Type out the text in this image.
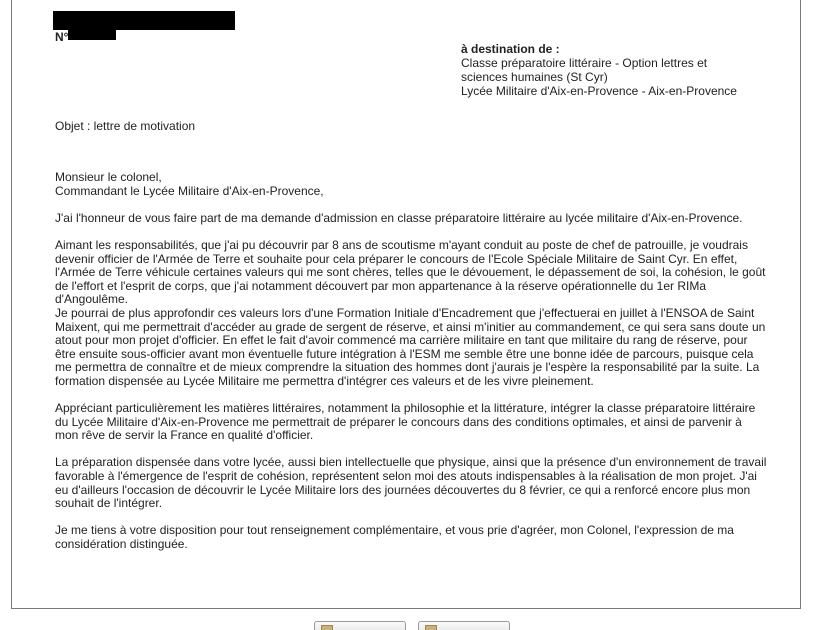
N°
à destination de :
Classe préparatoire littéraire - Option lettres et
sciences humaines (St Cyr)
Lycée Militaire d'Aix-en-Provence - Aix-en-Provence
Objet : lettre de motivation
Monsieur le colonel,
Commandant le Lycée Militaire d'Aix-en-Provence,

J'ai l'honneur de vous faire part de ma demande d'admission en classe préparatoire littéraire au lycée militaire d'Aix-en-Provence.

Aimant les responsabilités, que j'ai pu découvrir par 8 ans de scoutisme m'ayant conduit au poste de chef de patrouille, je voudrais devenir officier de l'Armée de Terre et souhaite pour cela préparer le concours de l'Ecole Spéciale Militaire de Saint Cyr. En effet, l'Armée de Terre véhicule certaines valeurs qui me sont chères, telles que le dévouement, le dépassement de soi, la cohésion, le goût de l'effort et l'esprit de corps, que j'ai notamment découvert par mon appartenance à la réserve opérationnelle du 1er RIMa d'Angoulême.

Je pourrai de plus approfondir ces valeurs lors d'une Formation Initiale d'Encadrement que j'effectuerai en juillet à l'ENSOA de Saint Maixent, qui me permettrait d'accéder au grade de sergent de réserve, et ainsi m'initier au commandement, ce qui sera sans doute un atout pour mon projet d'officier. En effet le fait d'avoir commencé ma carrière militaire en tant que militaire du rang de réserve, pour être ensuite sous-officier avant mon éventuelle future intégration à l'ESM me semble être une bonne idée de parcours, puisque cela me permettra de connaître et de mieux comprendre la situation des hommes dont j'aurais je l'espère la responsabilité par la suite. La formation dispensée au Lycée Militaire me permettra d'intégrer ces valeurs et de les vivre pleinement.

Appréciant particulièrement les matières littéraires, notamment la philosophie et la littérature, intégrer la classe préparatoire littéraire du Lycée Militaire d'Aix-en-Provence me permettrait de préparer le concours dans des conditions optimales, et ainsi de parvenir à mon rêve de servir la France en qualité d'officier.

La préparation dispensée dans votre lycée, aussi bien intellectuelle que physique, ainsi que la présence d'un environnement de travail favorable à l'émergence de l'esprit de cohésion, représentent selon moi des atouts indispensables à la réalisation de mon projet. J'ai eu d'ailleurs l'occasion de découvrir le Lycée Militaire lors des journées découvertes du 8 février, ce qui a renforcé encore plus mon souhait de l'intégrer.

Je me tiens à votre disposition pour tout renseignement complémentaire, et vous prie d'agréer, mon Colonel, l'expression de ma considération distinguée.
